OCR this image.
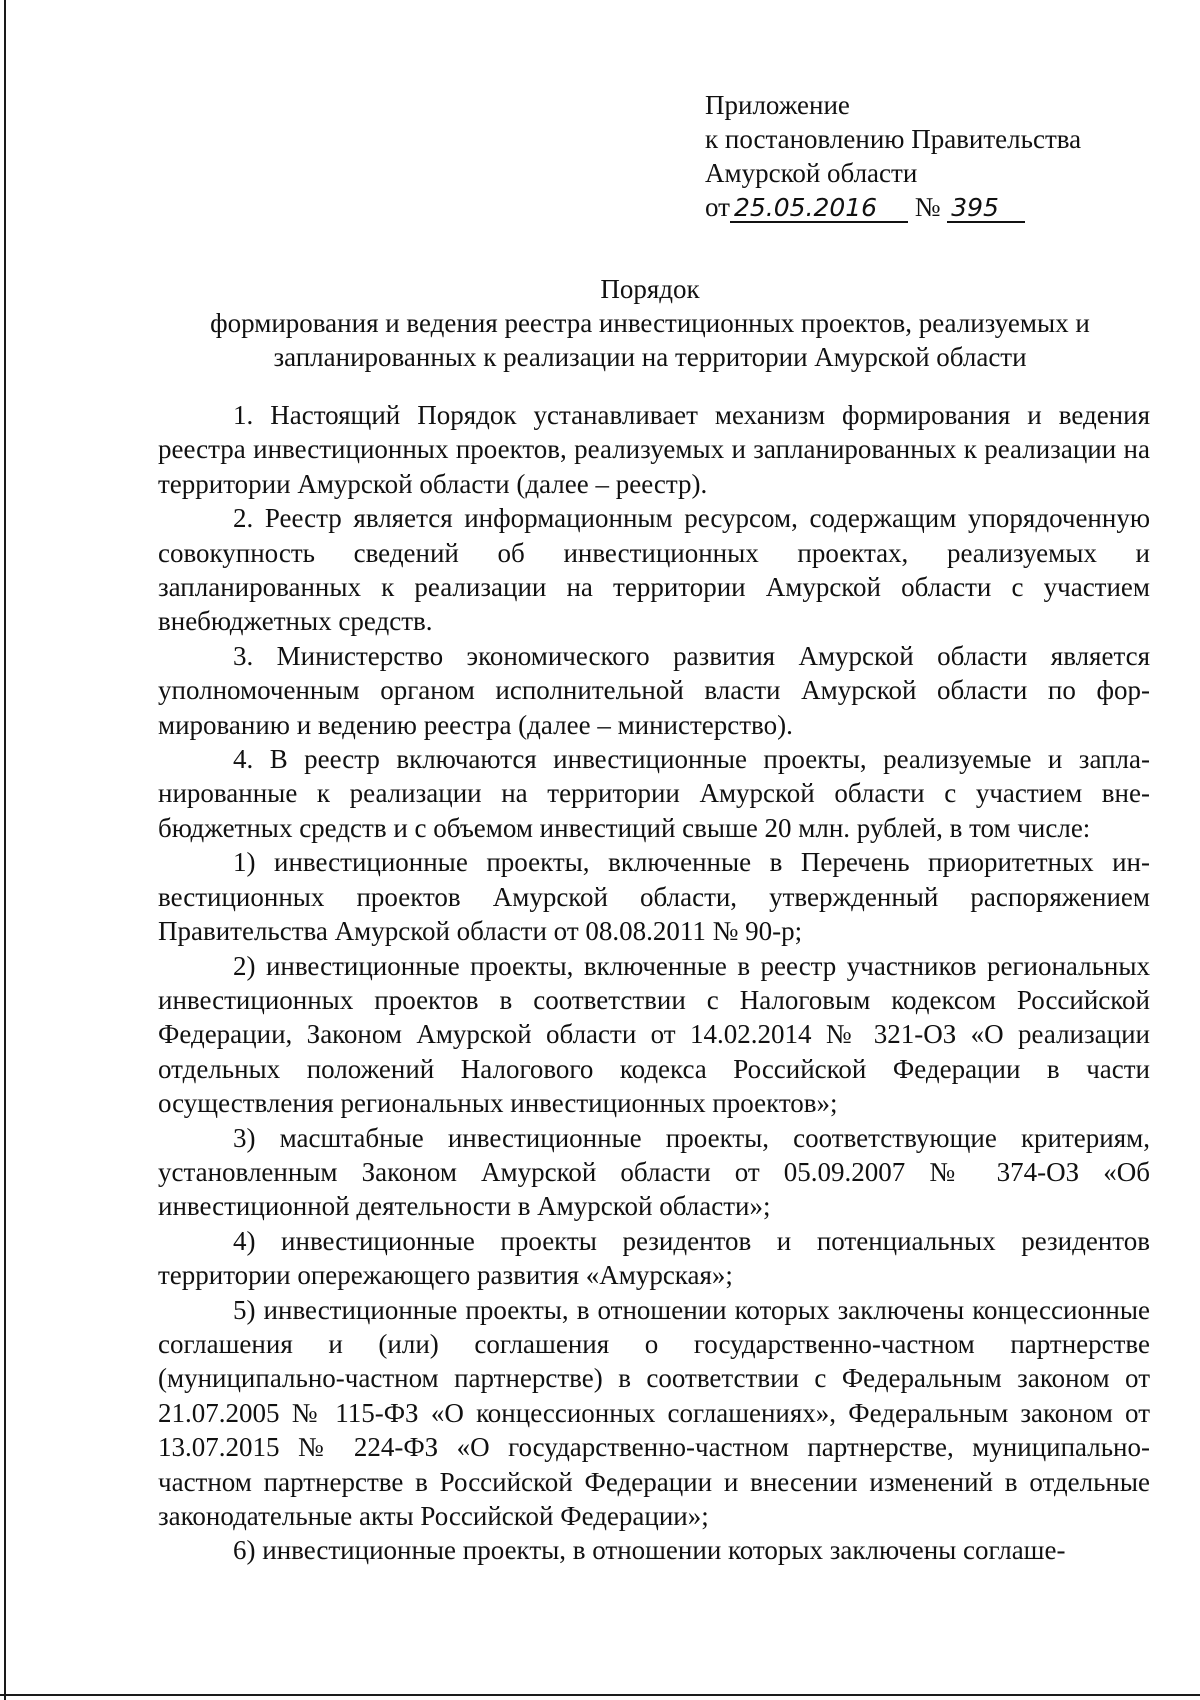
Приложение
к постановлению Правительства
Амурской области
от 25.05.2016 № 395
Порядок
формирования и ведения реестра инвестиционных проектов, реализуемых и
запланированных к реализации на территории Амурской области

1. Настоящий Порядок устанавливает механизм формирования и ведения реестра инвестиционных проектов, реализуемых и запланированных к реализации на территории Амурской области (далее – реестр).

2. Реестр является информационным ресурсом, содержащим упорядоченную совокупность сведений об инвестиционных проектах, реализуемых и запланированных к реализации на территории Амурской области с участием внебюджетных средств.

3. Министерство экономического развития Амурской области является уполномоченным органом исполнительной власти Амурской области по формированию и ведению реестра (далее – министерство).

4. В реестр включаются инвестиционные проекты, реализуемые и запланированные к реализации на территории Амурской области с участием внебюджетных средств и с объемом инвестиций свыше 20 млн. рублей, в том числе:

1) инвестиционные проекты, включенные в Перечень приоритетных инвестиционных проектов Амурской области, утвержденный распоряжением Правительства Амурской области от 08.08.2011 № 90-р;

2) инвестиционные проекты, включенные в реестр участников региональных инвестиционных проектов в соответствии с Налоговым кодексом Российской Федерации, Законом Амурской области от 14.02.2014 № 321-ОЗ «О реализации отдельных положений Налогового кодекса Российской Федерации в части осуществления региональных инвестиционных проектов»;

3) масштабные инвестиционные проекты, соответствующие критериям, установленным Законом Амурской области от 05.09.2007 № 374-ОЗ «Об инвестиционной деятельности в Амурской области»;

4) инвестиционные проекты резидентов и потенциальных резидентов территории опережающего развития «Амурская»;

5) инвестиционные проекты, в отношении которых заключены концессионные соглашения и (или) соглашения о государственно-частном партнерстве (муниципально-частном партнерстве) в соответствии с Федеральным законом от 21.07.2005 № 115-ФЗ «О концессионных соглашениях», Федеральным законом от 13.07.2015 № 224-ФЗ «О государственно-частном партнерстве, муниципально-частном партнерстве в Российской Федерации и внесении изменений в отдельные законодательные акты Российской Федерации»;

6) инвестиционные проекты, в отношении которых заключены соглаше-
